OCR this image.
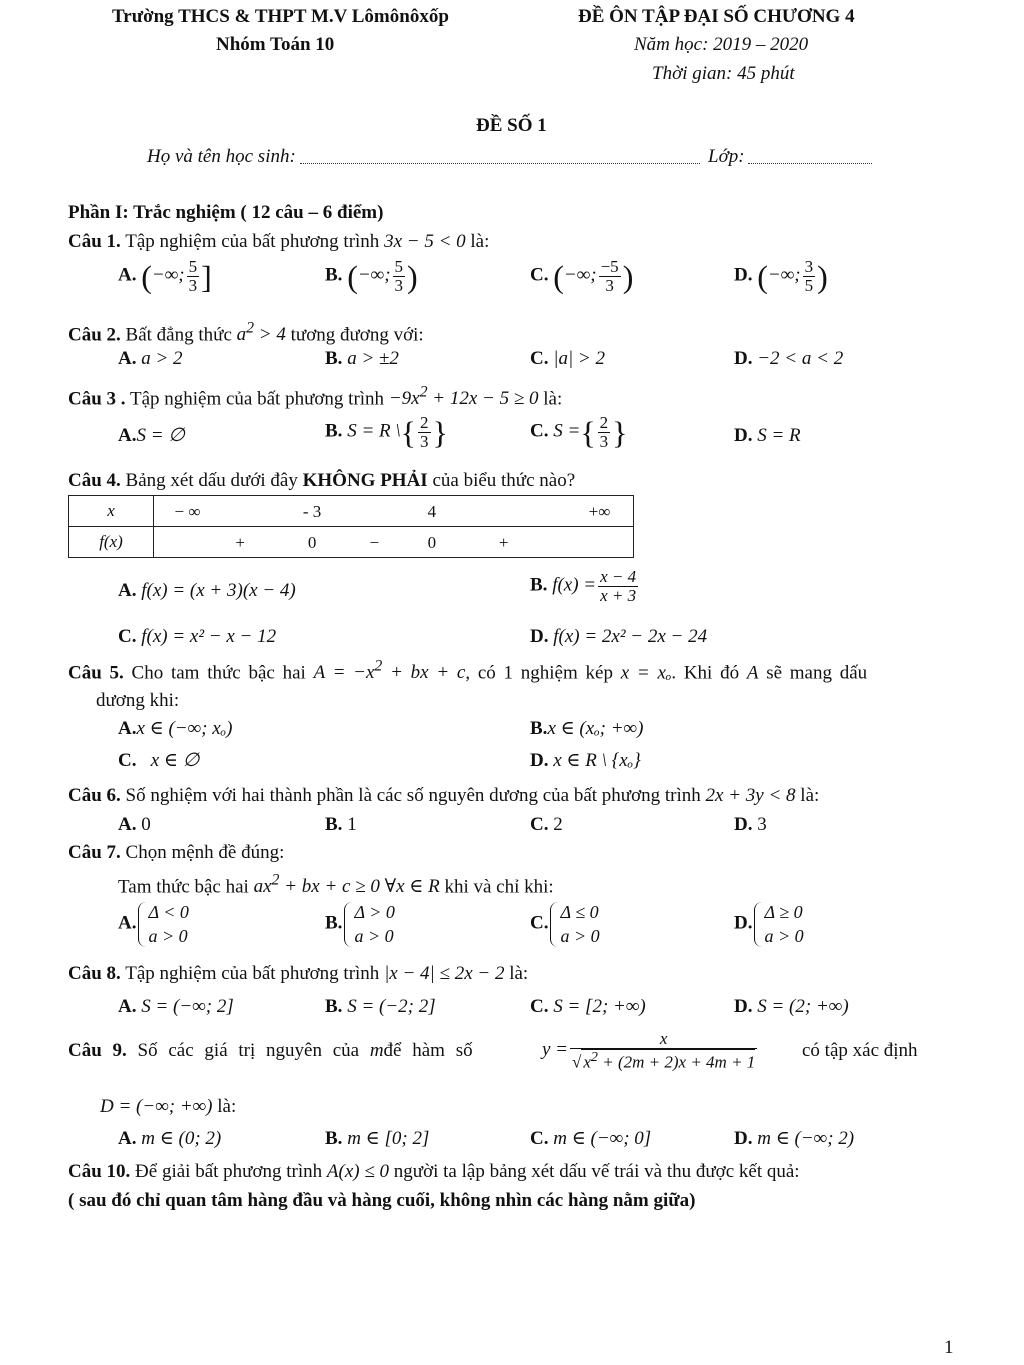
Trường THCS & THPT M.V Lômônôxốp
Nhóm Toán 10
ĐỀ ÔN TẬP ĐẠI SỐ CHƯƠNG 4
Năm học: 2019 – 2020
Thời gian: 45 phút
ĐỀ SỐ 1
Họ và tên học sinh:	Lớp:
Phần I: Trắc nghiệm ( 12 câu – 6 điểm)
Câu 1. Tập nghiệm của bất phương trình 3x − 5 < 0 là:
A. (−∞; $\frac{5}{3}$ ]	B. (−∞; $\frac{5}{3}$ )	C. (−∞; $\frac{-5}{3}$ )	D. (−∞; $\frac{3}{5}$ )
Câu 2. Bất đẳng thức $a^2 > 4$ tương đương với:
A. a > 2	B. a > ±2	C. |a| > 2	D. −2 < a < 2
Câu 3 . Tập nghiệm của bất phương trình $-9x^2 + 12x - 5 \ge 0$ là:
A.S = ∅	B. S = R \{ $\frac{2}{3}$ }	C. S ={ $\frac{2}{3}$ }	D. S = R
Câu 4. Bảng xét dấu dưới đây KHÔNG PHẢI của biểu thức nào?
x	− ∞ - 3 4 +∞

f(x)	+ 0 − 0 +
A. f(x) = (x + 3)(x − 4)	B. $f(x) = \frac{x - 4}{x + 3}$
C. f(x) = x² − x − 12	D. f(x) = 2x² − 2x − 24
Câu 5. Cho tam thức bậc hai $A = -x^2$ + bx + c, có 1 nghiệm kép x = xₒ. Khi đó A sẽ mang dấu
dương khi:
A.x ∈ (−∞; xₒ)	B.x ∈ (xₒ; +∞)
C. x ∈ ∅	D. x ∈ R \ {xₒ}
Câu 6. Số nghiệm với hai thành phần là các số nguyên dương của bất phương trình 2x + 3y < 8 là:
A. 0	B. 1	C. 2	D. 3
Câu 7. Chọn mệnh đề đúng:
Tam thức bậc hai $ax^2$ + bx + c ≥ 0 ∀x ∈ R khi và chỉ khi:
A.
Δ < 0
a > 0
B.
Δ > 0
a > 0
C.
Δ ≤ 0
a > 0
D.
Δ ≥ 0
a > 0
Câu 8. Tập nghiệm của bất phương trình |x − 4| ≤ 2x − 2 là:
A. S = (−∞; 2]	B. S = (−2; 2]	C. S = [2; +∞)	D. S = (2; +∞)
Câu 9. Số các giá trị nguyên của mđể hàm số	$y = \frac{x}{√ x^2 + (2m + 2)x + 4m + 1}$ có tập xác định
D = (−∞; +∞) là:
A. m ∈ (0; 2)	B. m ∈ [0; 2]	C. m ∈ (−∞; 0]	D. m ∈ (−∞; 2)
Câu 10. Để giải bất phương trình A(x) ≤ 0 người ta lập bảng xét dấu vế trái và thu được kết quả:
( sau đó chỉ quan tâm hàng đầu và hàng cuối, không nhìn các hàng nằm giữa)
1
